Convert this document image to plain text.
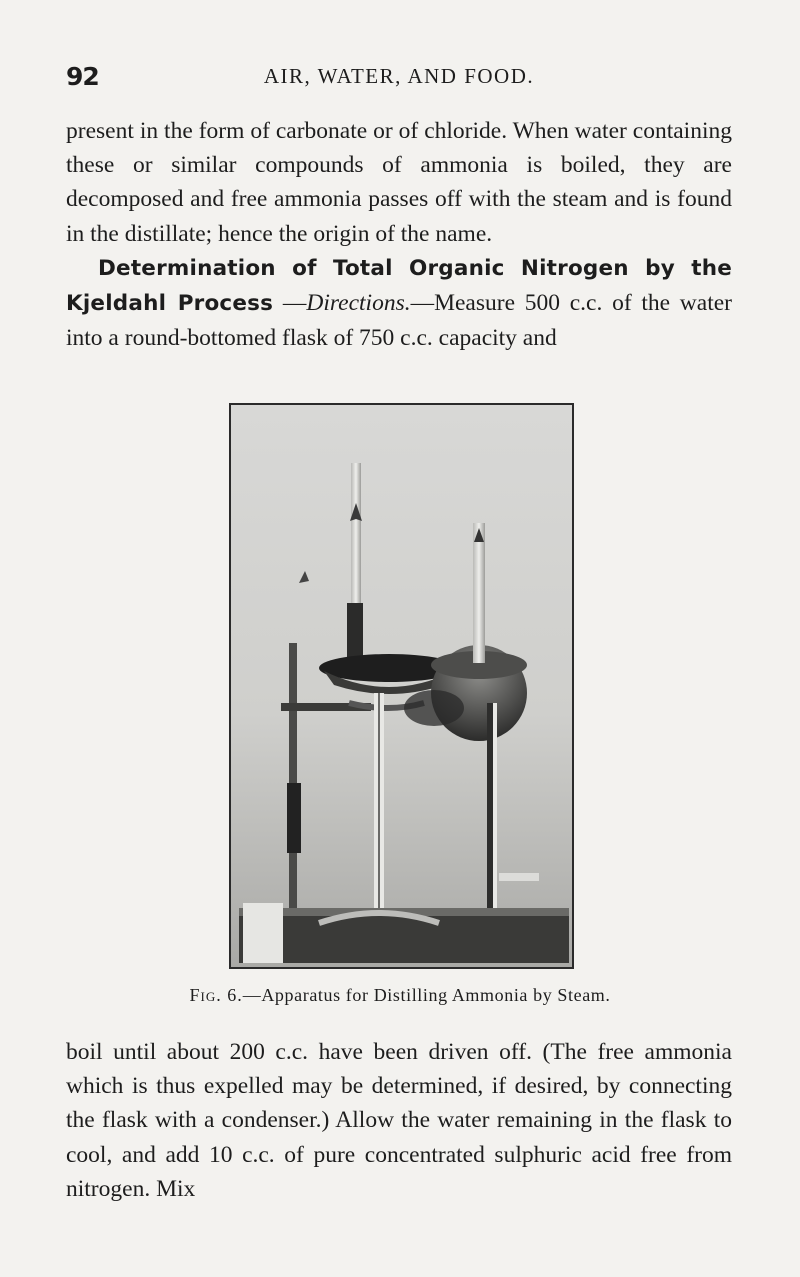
92	AIR, WATER, AND FOOD.

present in the form of carbonate or of chloride. When water containing these or similar compounds of ammonia is boiled, they are decomposed and free ammonia passes off with the steam and is found in the distillate; hence the origin of the name.

Determination of Total Organic Nitrogen by the Kjeldahl Process —Directions.—Measure 500 c.c. of the water into a round-bottomed flask of 750 c.c. capacity and

Fig. 6.—Apparatus for Distilling Ammonia by Steam.

boil until about 200 c.c. have been driven off. (The free ammonia which is thus expelled may be determined, if desired, by connecting the flask with a condenser.) Allow the water remaining in the flask to cool, and add 10 c.c. of pure concentrated sulphuric acid free from nitrogen. Mix
